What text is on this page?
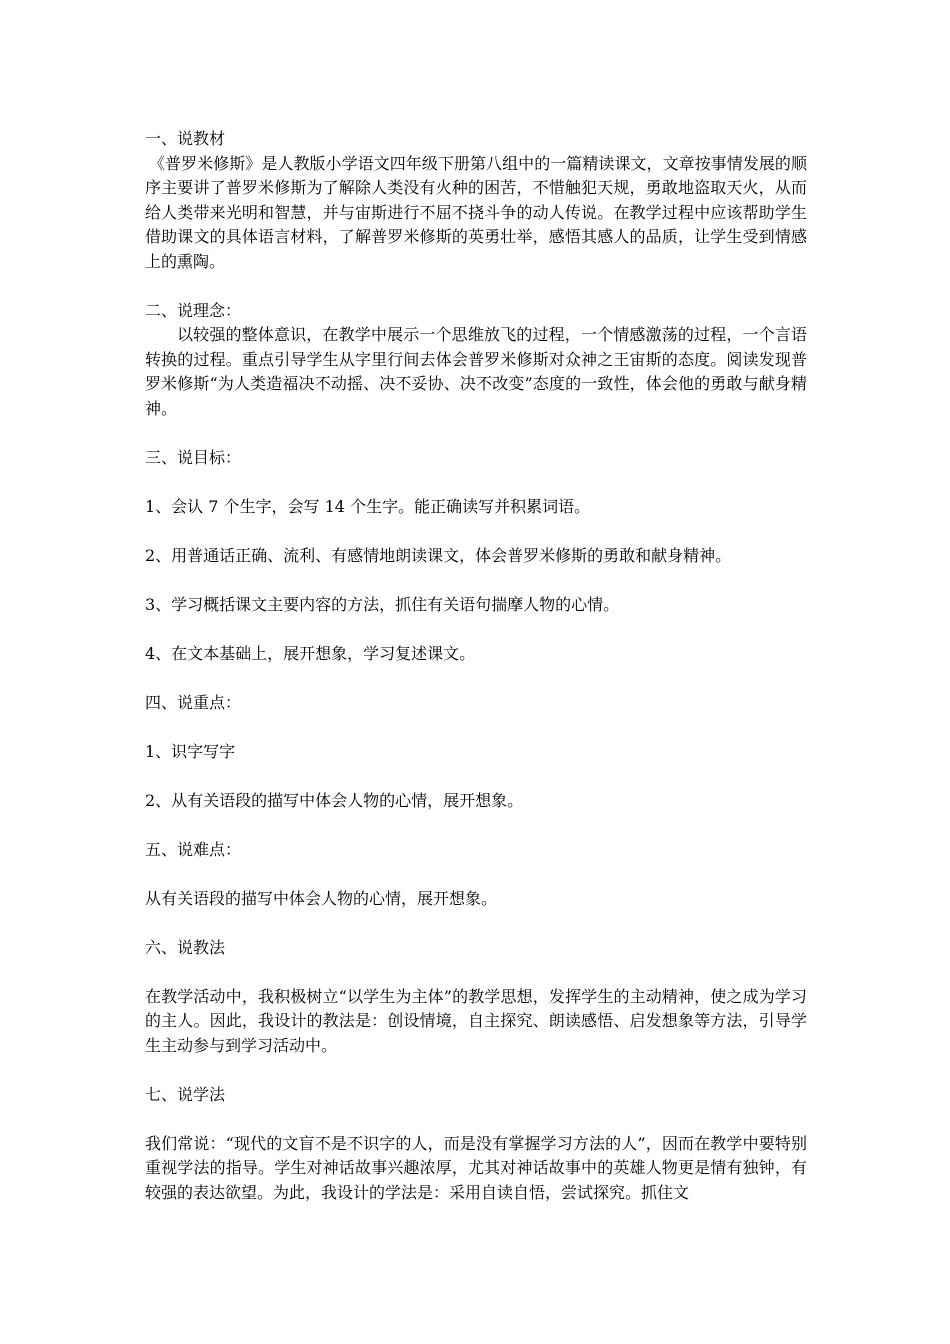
一、说教材

《普罗米修斯》是人教版小学语文四年级下册第八组中的一篇精读课文，文章按事情发展的顺序主要讲了普罗米修斯为了解除人类没有火种的困苦，不惜触犯天规，勇敢地盗取天火，从而给人类带来光明和智慧，并与宙斯进行不屈不挠斗争的动人传说。在教学过程中应该帮助学生借助课文的具体语言材料，了解普罗米修斯的英勇壮举，感悟其感人的品质，让学生受到情感上的熏陶。

二、说理念：

以较强的整体意识，在教学中展示一个思维放飞的过程，一个情感激荡的过程，一个言语转换的过程。重点引导学生从字里行间去体会普罗米修斯对众神之王宙斯的态度。阅读发现普罗米修斯“为人类造福决不动摇、决不妥协、决不改变”态度的一致性，体会他的勇敢与献身精神。

三、说目标：

1、会认 7 个生字，会写 14 个生字。能正确读写并积累词语。

2、用普通话正确、流利、有感情地朗读课文，体会普罗米修斯的勇敢和献身精神。

3、学习概括课文主要内容的方法，抓住有关语句揣摩人物的心情。

4、在文本基础上，展开想象，学习复述课文。

四、说重点：

1、识字写字

2、从有关语段的描写中体会人物的心情，展开想象。

五、说难点：

从有关语段的描写中体会人物的心情，展开想象。

六、说教法

在教学活动中，我积极树立“以学生为主体”的教学思想，发挥学生的主动精神，使之成为学习的主人。因此，我设计的教法是：创设情境，自主探究、朗读感悟、启发想象等方法，引导学生主动参与到学习活动中。

七、说学法

我们常说：“现代的文盲不是不识字的人，而是没有掌握学习方法的人”，因而在教学中要特别重视学法的指导。学生对神话故事兴趣浓厚，尤其对神话故事中的英雄人物更是情有独钟，有较强的表达欲望。为此，我设计的学法是：采用自读自悟，尝试探究。抓住文
